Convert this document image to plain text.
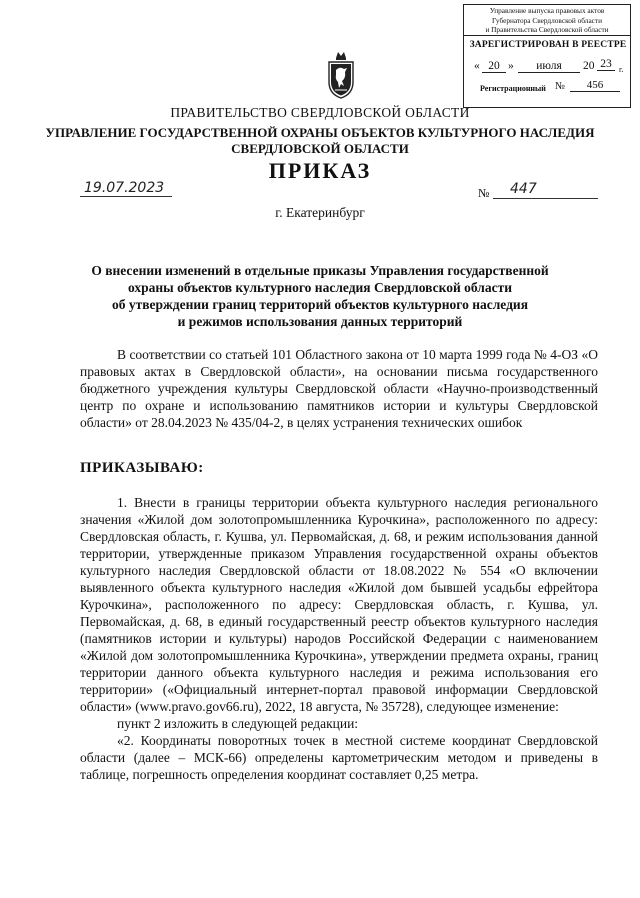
Управление выпуска правовых актов
Губернатора Свердловской области
и Правительства Свердловской области
ЗАРЕГИСТРИРОВАН В РЕЕСТРЕ
« 20 »	июля	20 23 г.
Регистрационный №	456
ПРАВИТЕЛЬСТВО СВЕРДЛОВСКОЙ ОБЛАСТИ
УПРАВЛЕНИЕ ГОСУДАРСТВЕННОЙ ОХРАНЫ ОБЪЕКТОВ КУЛЬТУРНОГО НАСЛЕДИЯ
СВЕРДЛОВСКОЙ ОБЛАСТИ
ПРИКАЗ
19.07.2023	№ 447
г. Екатеринбург
О внесении изменений в отдельные приказы Управления государственной
охраны объектов культурного наследия Свердловской области
об утверждении границ территорий объектов культурного наследия
и режимов использования данных территорий

В соответствии со статьей 101 Областного закона от 10 марта 1999 года № 4-ОЗ «О правовых актах в Свердловской области», на основании письма государственного бюджетного учреждения культуры Свердловской области «Научно-производственный центр по охране и использованию памятников истории и культуры Свердловской области» от 28.04.2023 № 435/04-2, в целях устранения технических ошибок

ПРИКАЗЫВАЮ:

1. Внести в границы территории объекта культурного наследия регионального значения «Жилой дом золотопромышленника Курочкина», расположенного по адресу: Свердловская область, г. Кушва, ул. Первомайская, д. 68, и режим использования данной территории, утвержденные приказом Управления государственной охраны объектов культурного наследия Свердловской области от 18.08.2022 № 554 «О включении выявленного объекта культурного наследия «Жилой дом бывшей усадьбы ефрейтора Курочкина», расположенного по адресу: Свердловская область, г. Кушва, ул. Первомайская, д. 68, в единый государственный реестр объектов культурного наследия (памятников истории и культуры) народов Российской Федерации с наименованием «Жилой дом золотопромышленника Курочкина», утверждении предмета охраны, границ территории данного объекта культурного наследия и режима использования его территории» («Официальный интернет-портал правовой информации Свердловской области» (www.pravo.gov66.ru), 2022, 18 августа, № 35728), следующее изменение:

пункт 2 изложить в следующей редакции:

«2. Координаты поворотных точек в местной системе координат Свердловской области (далее – МСК-66) определены картометрическим методом и приведены в таблице, погрешность определения координат составляет 0,25 метра.
